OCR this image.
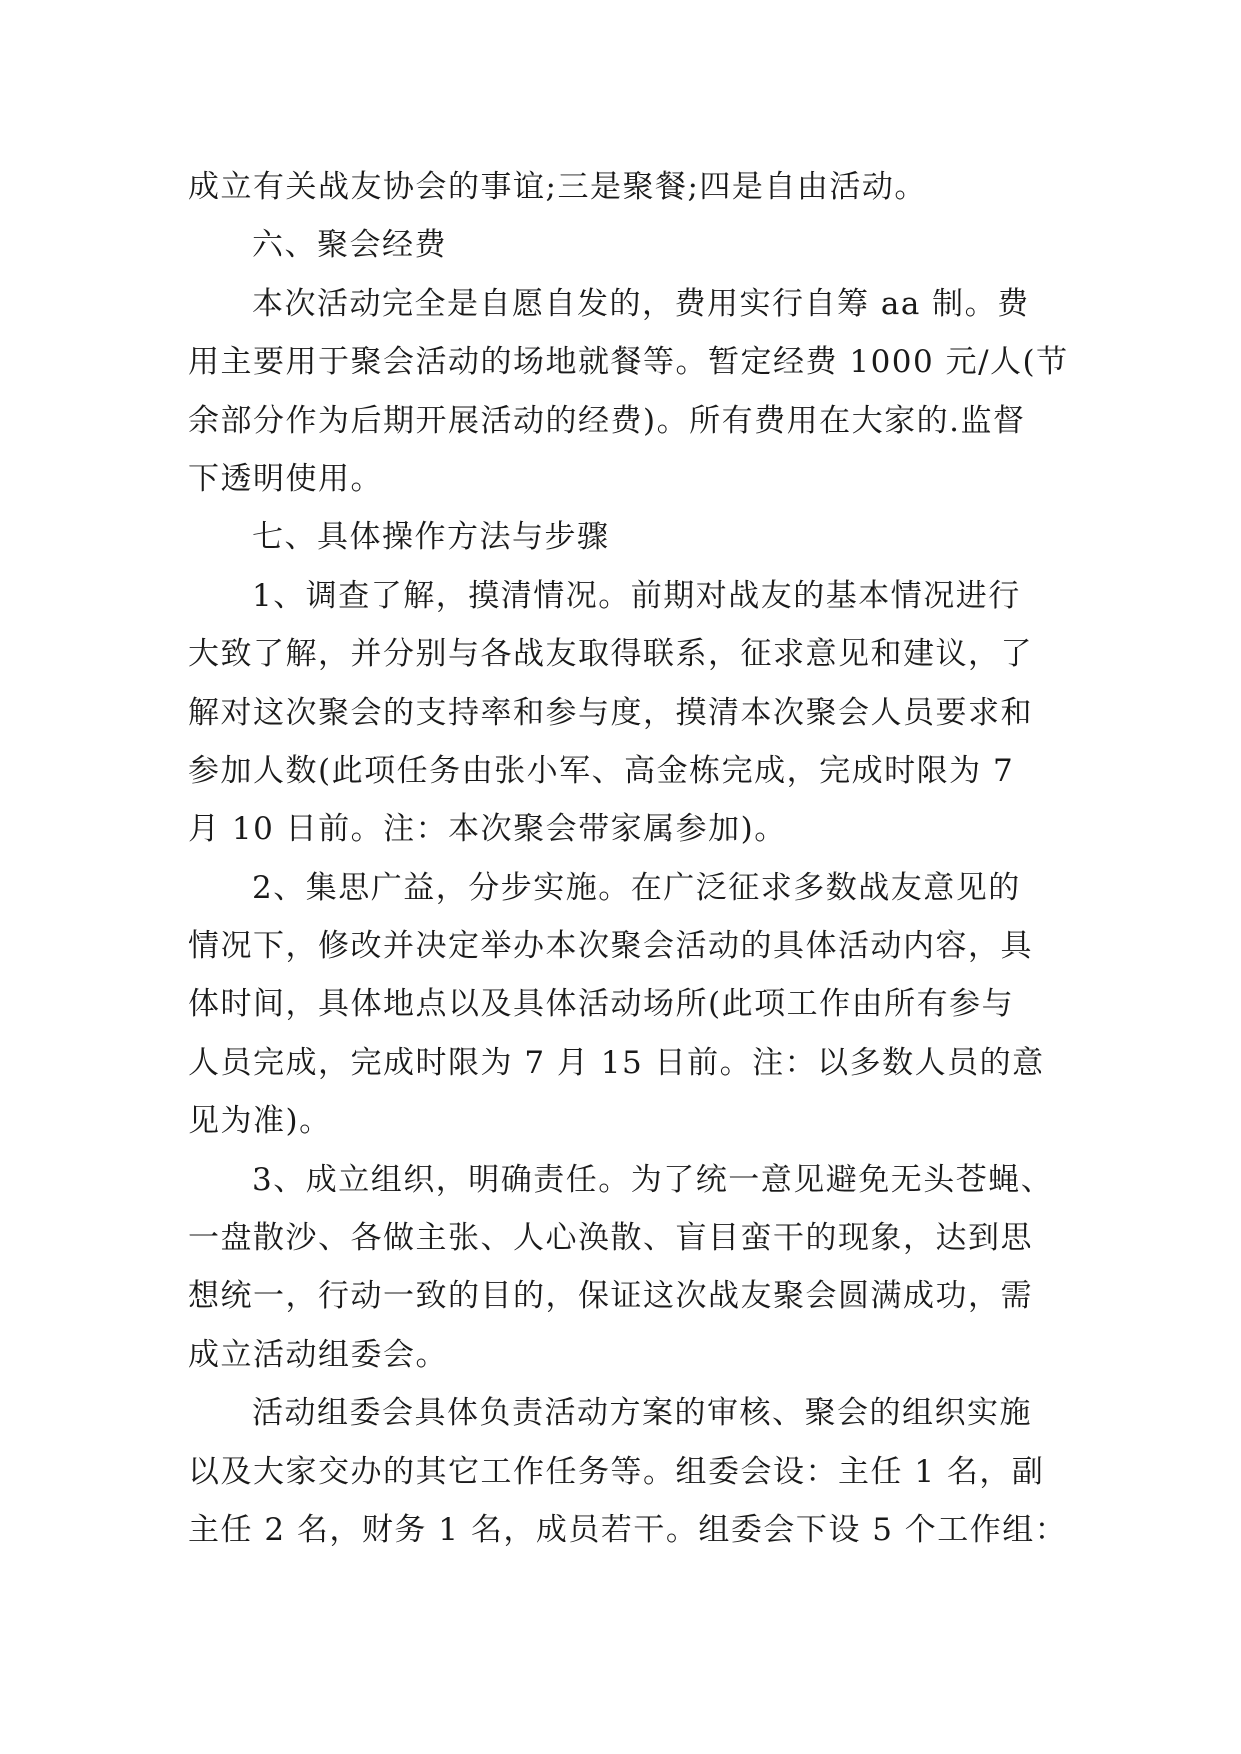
成立有关战友协会的事谊;三是聚餐;四是自由活动。
六、聚会经费
本次活动完全是自愿自发的，费用实行自筹 aa 制。费
用主要用于聚会活动的场地就餐等。暂定经费 1000 元/人(节
余部分作为后期开展活动的经费)。所有费用在大家的.监督
下透明使用。
七、具体操作方法与步骤
1、调查了解，摸清情况。前期对战友的基本情况进行
大致了解，并分别与各战友取得联系，征求意见和建议，了
解对这次聚会的支持率和参与度，摸清本次聚会人员要求和
参加人数(此项任务由张小军、高金栋完成，完成时限为 7
月 10 日前。注：本次聚会带家属参加)。
2、集思广益，分步实施。在广泛征求多数战友意见的
情况下，修改并决定举办本次聚会活动的具体活动内容，具
体时间，具体地点以及具体活动场所(此项工作由所有参与
人员完成，完成时限为 7 月 15 日前。注：以多数人员的意
见为准)。
3、成立组织，明确责任。为了统一意见避免无头苍蝇、
一盘散沙、各做主张、人心涣散、盲目蛮干的现象，达到思
想统一，行动一致的目的，保证这次战友聚会圆满成功，需
成立活动组委会。
活动组委会具体负责活动方案的审核、聚会的组织实施
以及大家交办的其它工作任务等。组委会设：主任 1 名，副
主任 2 名，财务 1 名，成员若干。组委会下设 5 个工作组：
